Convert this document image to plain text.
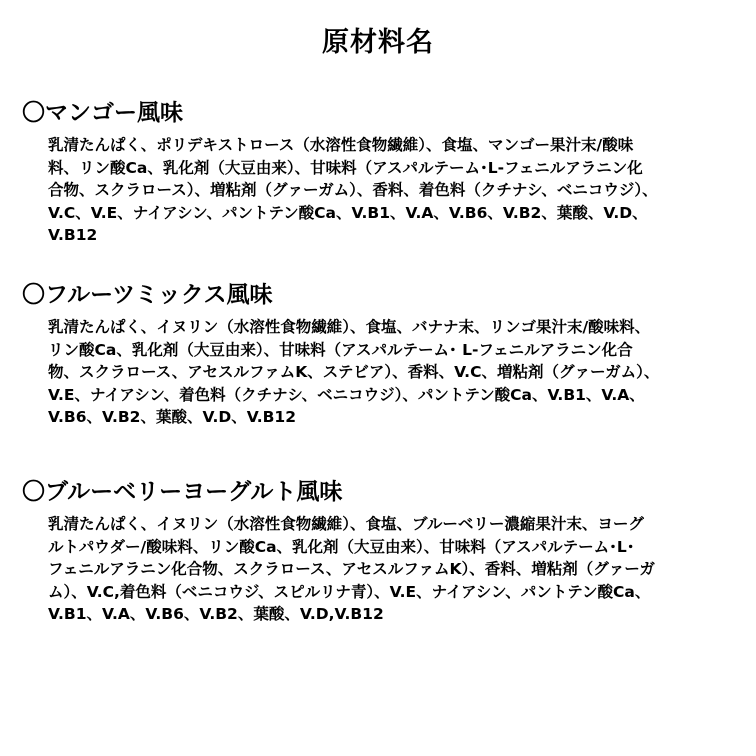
原材料名
〇マンゴー風味
乳清たんぱく、ポリデキストロース（水溶性食物繊維）、食塩、マンゴー果汁末/酸味
料、リン酸Ca、乳化剤（大豆由来）、甘味料（アスパルテーム･L-フェニルアラニン化
合物、スクラロース）、増粘剤（グァーガム）、香料、着色料（クチナシ、ベニコウジ）、
V.C、V.E、ナイアシン、パントテン酸Ca、V.B1、V.A、V.B6、V.B2、葉酸、V.D、
V.B12
〇フルーツミックス風味
乳清たんぱく、イヌリン（水溶性食物繊維）、食塩、バナナ末、リンゴ果汁末/酸味料、
リン酸Ca、乳化剤（大豆由来）、甘味料（アスパルテーム･ L-フェニルアラニン化合
物、スクラロース、アセスルファムK、ステビア）、香料、V.C、増粘剤（グァーガム）、
V.E、ナイアシン、着色料（クチナシ、ベニコウジ）、パントテン酸Ca、V.B1、V.A、
V.B6、V.B2、葉酸、V.D、V.B12
〇ブルーベリーヨーグルト風味
乳清たんぱく、イヌリン（水溶性食物繊維）、食塩、ブルーベリー濃縮果汁末、ヨーグ
ルトパウダー/酸味料、リン酸Ca、乳化剤（大豆由来）、甘味料（アスパルテーム･L･
フェニルアラニン化合物、スクラロース、アセスルファムK）、香料、増粘剤（グァーガ
ム）、V.C,着色料（ベニコウジ、スピルリナ青）、V.E、ナイアシン、パントテン酸Ca、
V.B1、V.A、V.B6、V.B2、葉酸、V.D,V.B12
